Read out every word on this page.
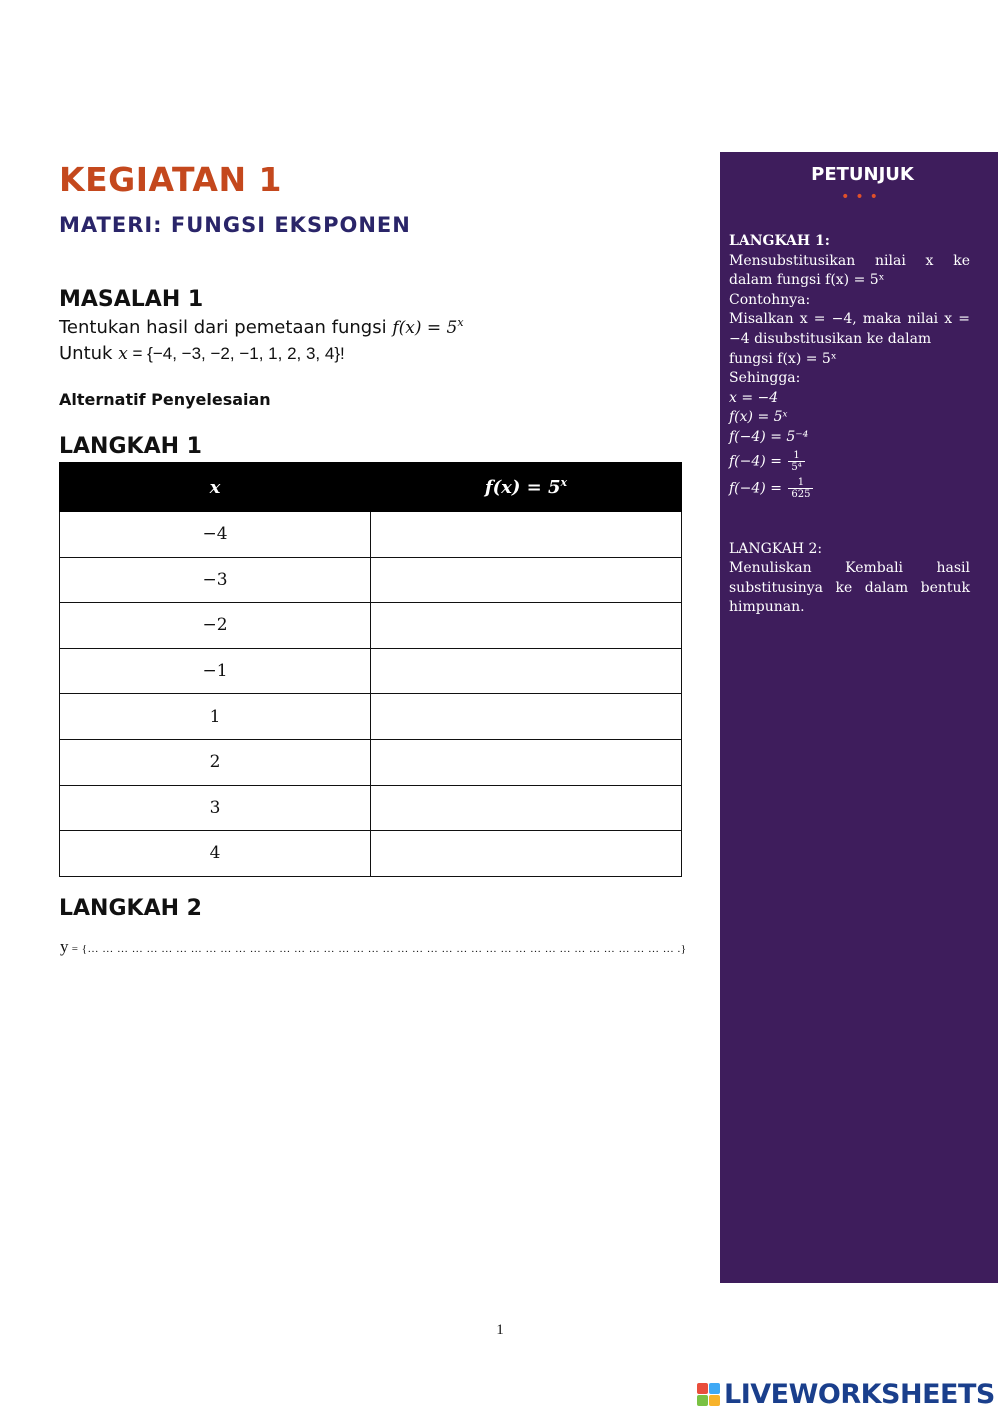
KEGIATAN 1
MATERI: FUNGSI EKSPONEN
MASALAH 1
Tentukan hasil dari pemetaan fungsi $f(x) = 5^x$
Untuk x = {−4, −3, −2, −1, 1, 2, 3, 4}!
Alternatif Penyelesaian
LANGKAH 1
x	$f(x) = 5^x$
−4	
−3	
−2	
−1	
1	
2	
3	
4	
LANGKAH 2
y = {… … … … … … … … … … … … … … … … … … … … … … … … … … … … … … … … … … … … … … … … .}
PETUNJUK
•••
LANGKAH 1:
Mensubstitusikan nilai x ke
dalam fungsi f(x) = 5ˣ
Contohnya:
Misalkan x = −4, maka nilai x =
−4 disubstitusikan ke dalam
fungsi f(x) = 5ˣ
Sehingga:
x = −4
f(x) = 5ˣ
f(−4) = 5⁻⁴
$f(-4) = \frac{1}{\text{5⁴}}$
$f(-4) = \frac{1}{625}$
LANGKAH 2:
Menuliskan Kembali hasil
substitusinya ke dalam bentuk
himpunan.
1
LIVEWORKSHEETS
